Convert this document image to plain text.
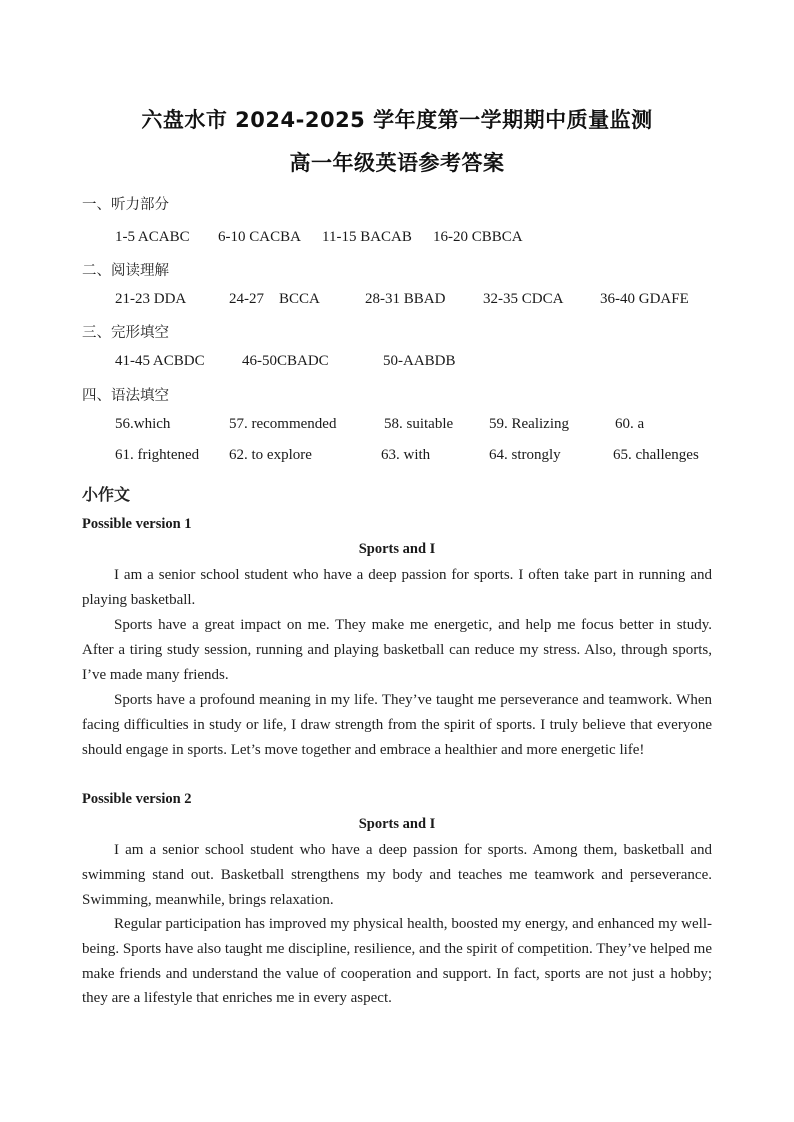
六盘水市 2024-2025 学年度第一学期期中质量监测
高一年级英语参考答案
一、听力部分
1-5 ACABC 6-10 CACBA 11-15 BACAB 16-20 CBBCA
二、阅读理解
21-23 DDA	24-27    BCCA	28-31 BBAD	32-35 CDCA 36-40 GDAFE
三、完形填空
41-45 ACBDC 46-50CBADC	50-AABDB
四、语法填空
56.which	57. recommended	58. suitable 59. Realizing	60. a
61. frightened 62. to explore	63. with	64. strongly	65. challenges
小作文
Possible version 1
Sports and I
I am a senior school student who have a deep passion for sports. I often take part in running and playing basketball.
Sports have a great impact on me. They make me energetic, and help me focus better in study. After a tiring study session, running and playing basketball can reduce my stress. Also, through sports, I’ve made many friends.
Sports have a profound meaning in my life. They’ve taught me perseverance and teamwork. When facing difficulties in study or life, I draw strength from the spirit of sports. I truly believe that everyone should engage in sports. Let’s move together and embrace a healthier and more energetic life!
Possible version 2
Sports and I
I am a senior school student who have a deep passion for sports. Among them, basketball and swimming stand out. Basketball strengthens my body and teaches me teamwork and perseverance. Swimming, meanwhile, brings relaxation.
Regular participation has improved my physical health, boosted my energy, and enhanced my well-being. Sports have also taught me discipline, resilience, and the spirit of competition. They’ve helped me make friends and understand the value of cooperation and support. In fact, sports are not just a hobby; they are a lifestyle that enriches me in every aspect.
